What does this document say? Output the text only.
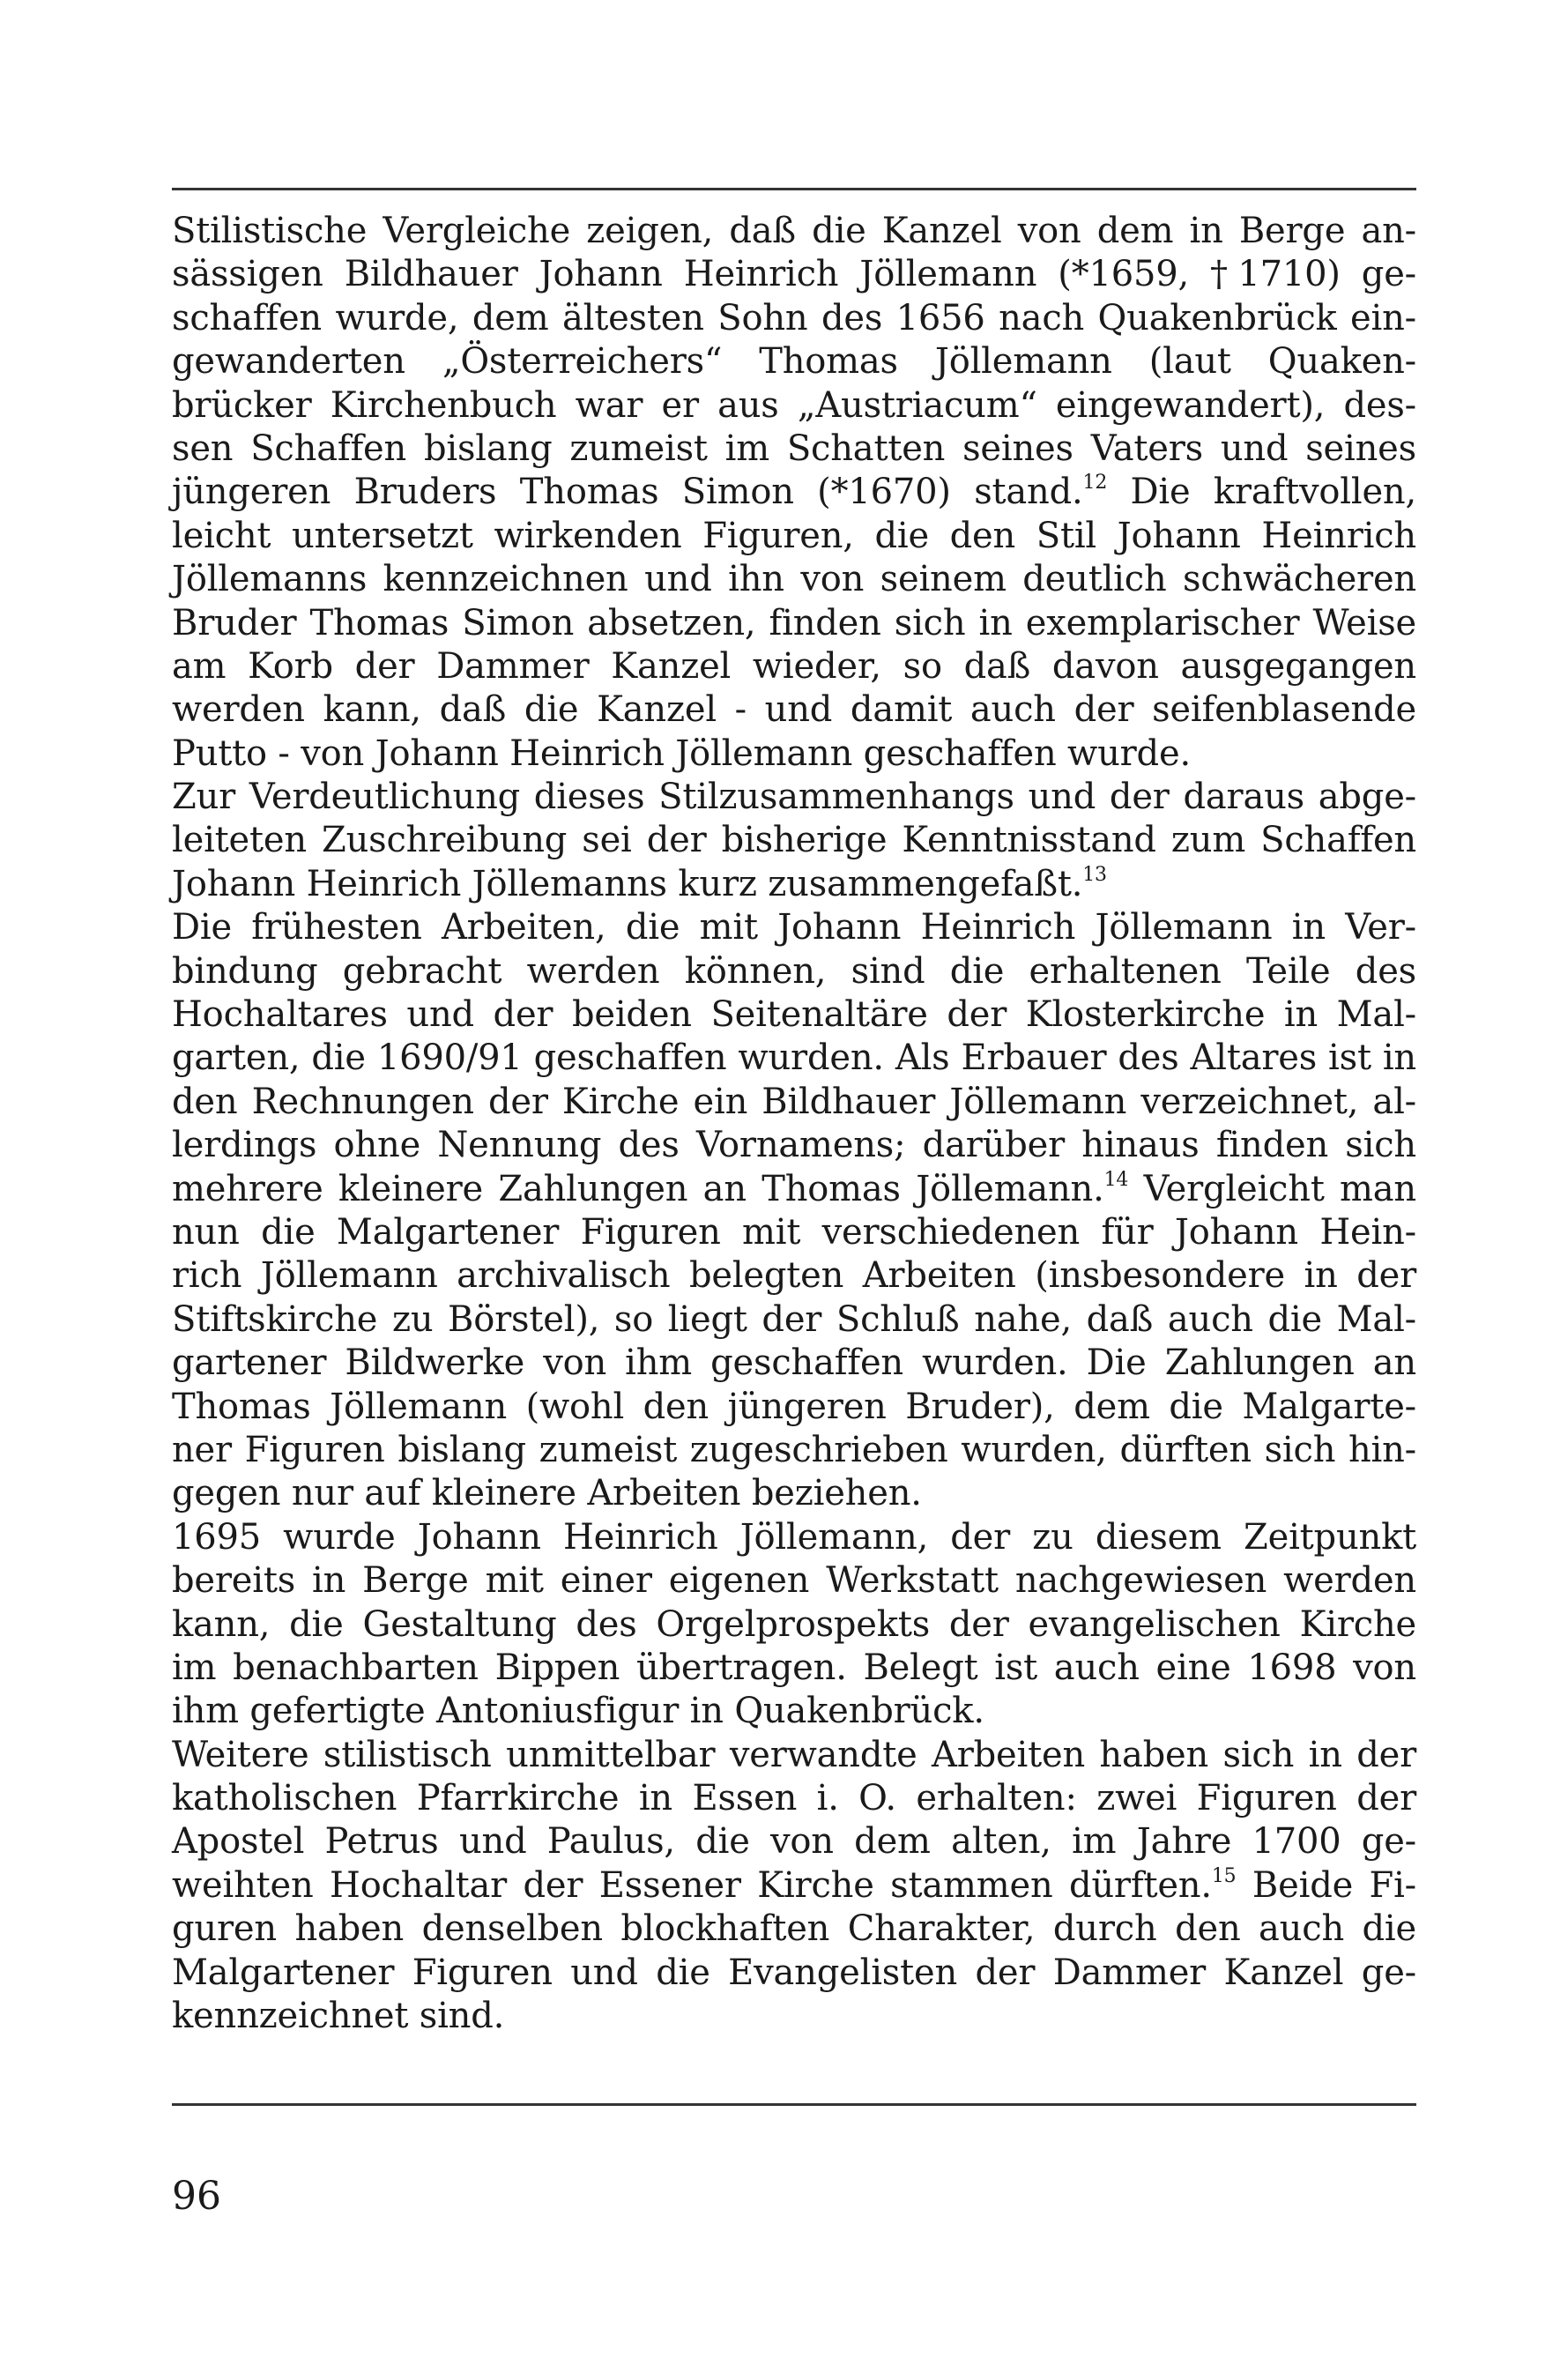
Stilistische Vergleiche zeigen, daß die Kanzel von dem in Berge an-
sässigen Bildhauer Johann Heinrich Jöllemann (*1659, †1710) ge-
schaffen wurde, dem ältesten Sohn des 1656 nach Quakenbrück ein-
gewanderten „Österreichers“ Thomas Jöllemann (laut Quaken-
brücker Kirchenbuch war er aus „Austriacum“ eingewandert), des-
sen Schaffen bislang zumeist im Schatten seines Vaters und seines
jüngeren Bruders Thomas Simon (*1670) stand.$^{12}$ Die kraftvollen,
leicht untersetzt wirkenden Figuren, die den Stil Johann Heinrich
Jöllemanns kennzeichnen und ihn von seinem deutlich schwächeren
Bruder Thomas Simon absetzen, finden sich in exemplarischer Weise
am Korb der Dammer Kanzel wieder, so daß davon ausgegangen
werden kann, daß die Kanzel - und damit auch der seifenblasende
Putto - von Johann Heinrich Jöllemann geschaffen wurde.
Zur Verdeutlichung dieses Stilzusammenhangs und der daraus abge-
leiteten Zuschreibung sei der bisherige Kenntnisstand zum Schaffen
Johann Heinrich Jöllemanns kurz zusammengefaßt.$^{13}$
Die frühesten Arbeiten, die mit Johann Heinrich Jöllemann in Ver-
bindung gebracht werden können, sind die erhaltenen Teile des
Hochaltares und der beiden Seitenaltäre der Klosterkirche in Mal-
garten, die 1690/91 geschaffen wurden. Als Erbauer des Altares ist in
den Rechnungen der Kirche ein Bildhauer Jöllemann verzeichnet, al-
lerdings ohne Nennung des Vornamens; darüber hinaus finden sich
mehrere kleinere Zahlungen an Thomas Jöllemann.$^{14}$ Vergleicht man
nun die Malgartener Figuren mit verschiedenen für Johann Hein-
rich Jöllemann archivalisch belegten Arbeiten (insbesondere in der
Stiftskirche zu Börstel), so liegt der Schluß nahe, daß auch die Mal-
gartener Bildwerke von ihm geschaffen wurden. Die Zahlungen an
Thomas Jöllemann (wohl den jüngeren Bruder), dem die Malgarte-
ner Figuren bislang zumeist zugeschrieben wurden, dürften sich hin-
gegen nur auf kleinere Arbeiten beziehen.
1695 wurde Johann Heinrich Jöllemann, der zu diesem Zeitpunkt
bereits in Berge mit einer eigenen Werkstatt nachgewiesen werden
kann, die Gestaltung des Orgelprospekts der evangelischen Kirche
im benachbarten Bippen übertragen. Belegt ist auch eine 1698 von
ihm gefertigte Antoniusfigur in Quakenbrück.
Weitere stilistisch unmittelbar verwandte Arbeiten haben sich in der
katholischen Pfarrkirche in Essen i. O. erhalten: zwei Figuren der
Apostel Petrus und Paulus, die von dem alten, im Jahre 1700 ge-
weihten Hochaltar der Essener Kirche stammen dürften.$^{15}$ Beide Fi-
guren haben denselben blockhaften Charakter, durch den auch die
Malgartener Figuren und die Evangelisten der Dammer Kanzel ge-
kennzeichnet sind.
96
